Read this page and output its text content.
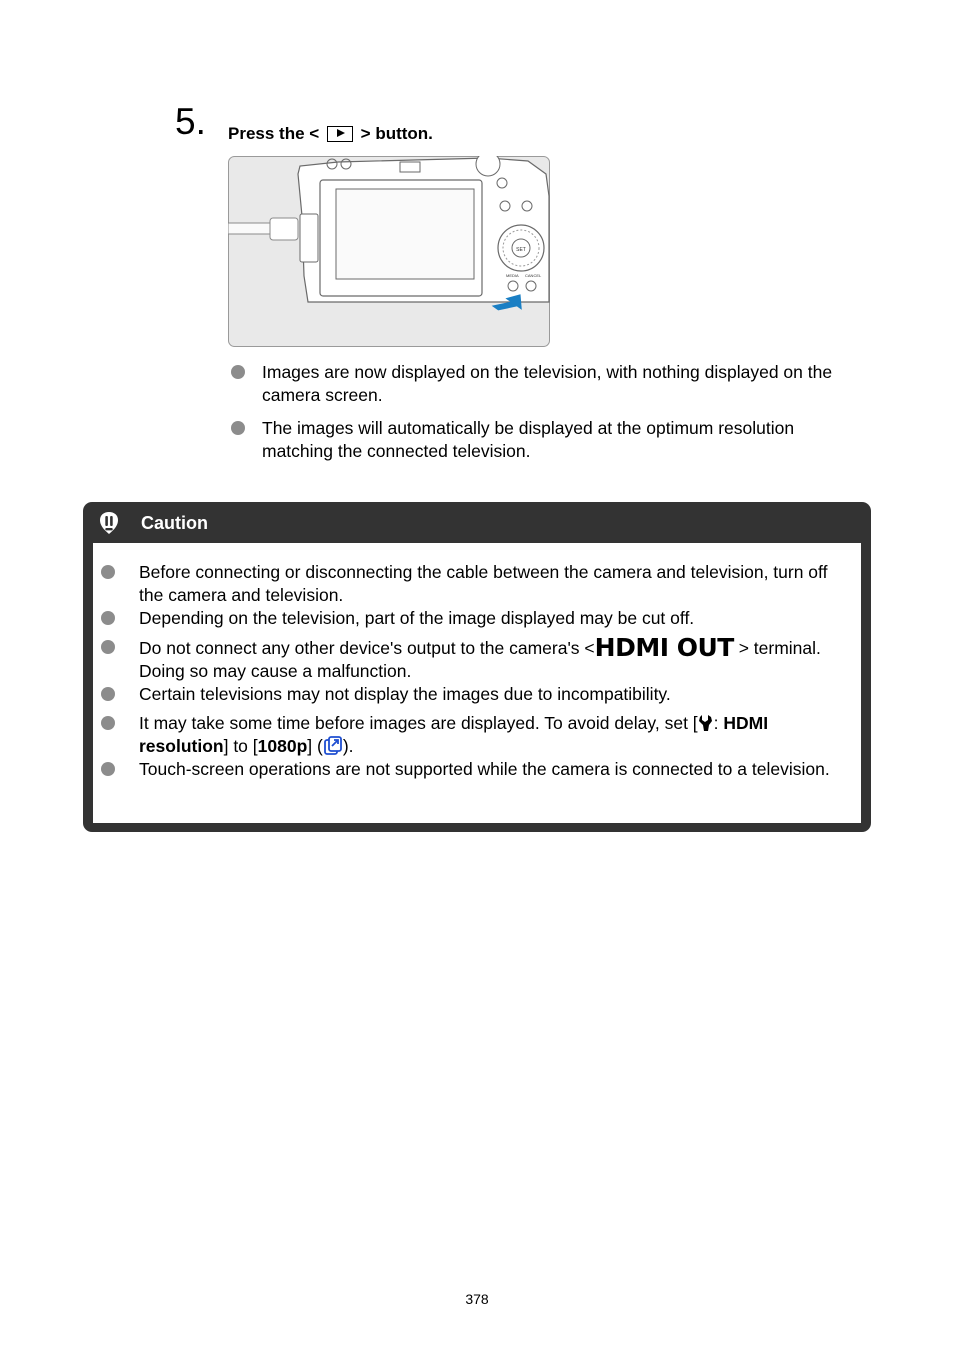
5. Press the < > button.
SET
MEDIA CANCEL
Images are now displayed on the television, with nothing displayed on the camera screen.
The images will automatically be displayed at the optimum resolution matching the connected television.
Caution
Before connecting or disconnecting the cable between the camera and television, turn off the camera and television.
Depending on the television, part of the image displayed may be cut off.
Do not connect any other device's output to the camera's <HDMI OUT > terminal. Doing so may cause a malfunction.
Certain televisions may not display the images due to incompatibility.
It may take some time before images are displayed. To avoid delay, set [ : HDMI resolution] to [1080p] ( ).
Touch-screen operations are not supported while the camera is connected to a television.
378
